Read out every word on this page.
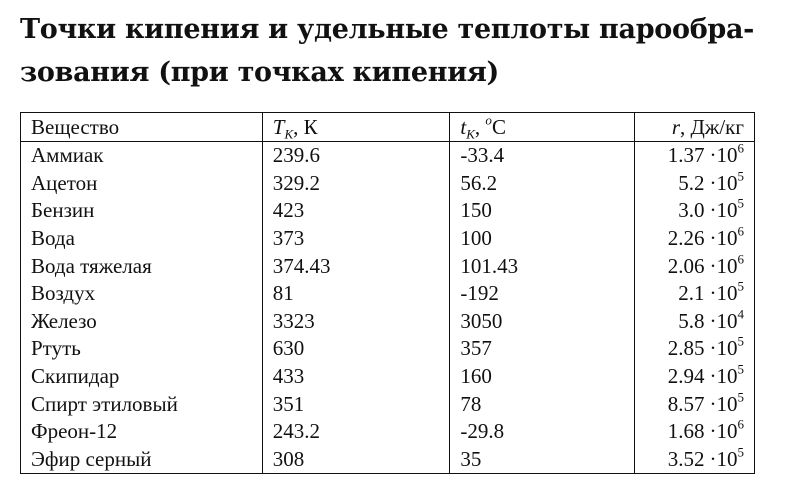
Точки кипения и удельные теплоты парообра-
зования (при точках кипения)
Вещество	$T_K$, К	$t_K$, $^o$C	r, Дж/кг
Аммиак	239.6	-33.4	$1.37 \cdot 10^6$
Ацетон	329.2	56.2	$5.2 \cdot 10^5$
Бензин	423	150	$3.0 \cdot 10^5$
Вода	373	100	$2.26 \cdot 10^6$
Вода тяжелая	374.43	101.43	$2.06 \cdot 10^6$
Воздух	81	-192	$2.1 \cdot 10^5$
Железо	3323	3050	$5.8 \cdot 10^4$
Ртуть	630	357	$2.85 \cdot 10^5$
Скипидар	433	160	$2.94 \cdot 10^5$
Спирт этиловый	351	78	$8.57 \cdot 10^5$
Фреон-12	243.2	-29.8	$1.68 \cdot 10^6$
Эфир серный	308	35	$3.52 \cdot 10^5$
